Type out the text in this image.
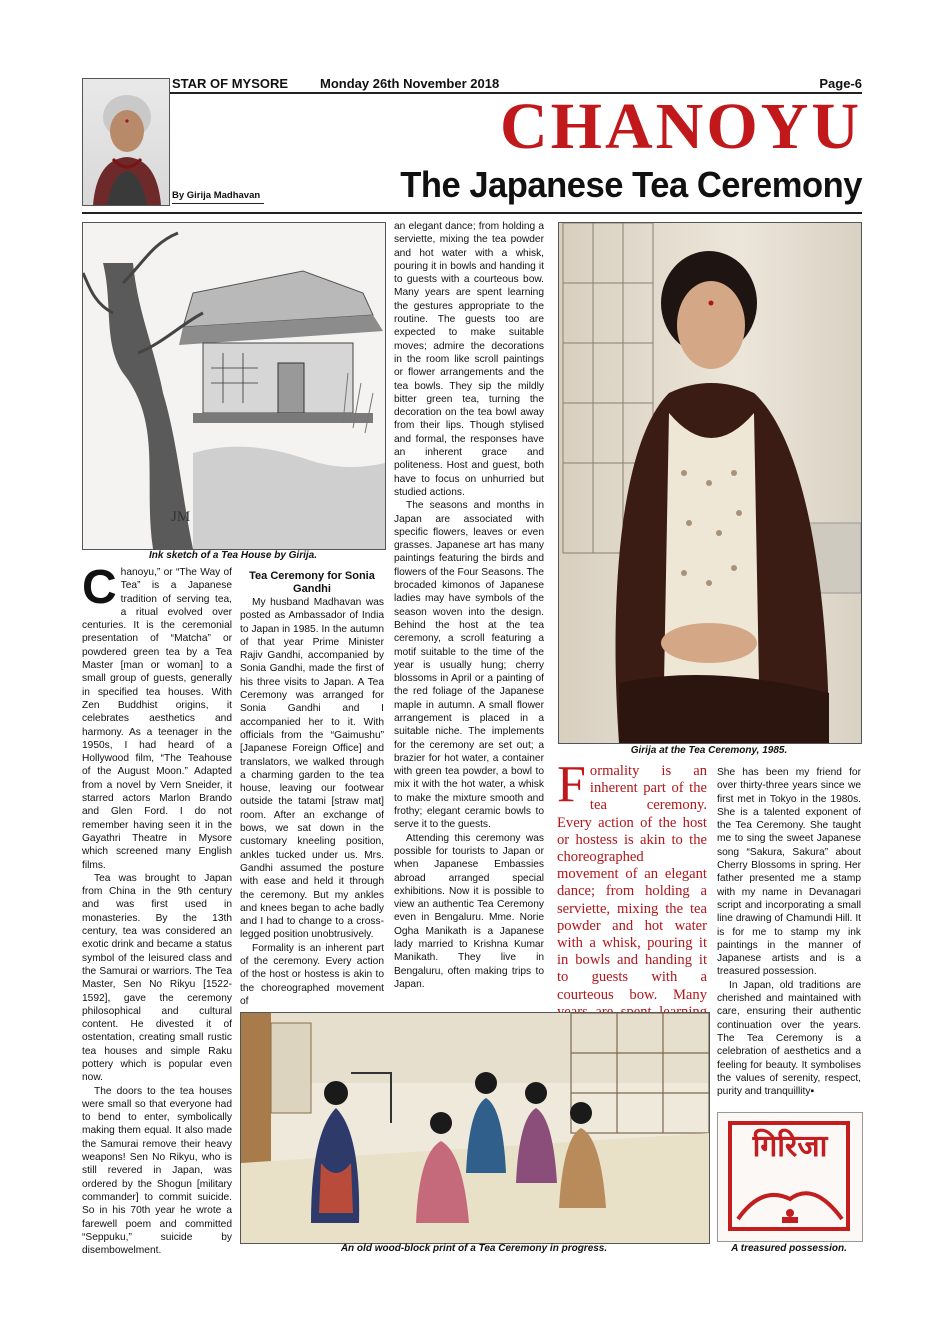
STAR OF MYSORE Monday 26th November 2018	Page-6
By Girija Madhavan
CHANOYU
The Japanese Tea Ceremony
JM
Ink sketch of a Tea House by Girija.

Chanoyu,” or “The Way of Tea” is a Japanese tradition of serving tea, a ritual evolved over centuries. It is the ceremonial presentation of “Matcha” or powdered green tea by a Tea Master [man or woman] to a small group of guests, generally in specified tea houses. With Zen Buddhist origins, it celebrates aesthetics and harmony. As a teenager in the 1950s, I had heard of a Hollywood film, “The Teahouse of the August Moon.” Adapted from a novel by Vern Sneider, it starred actors Marlon Brando and Glen Ford. I do not remember having seen it in the Gayathri Theatre in Mysore which screened many English films.

Tea was brought to Japan from China in the 9th century and was first used in monasteries. By the 13th century, tea was considered an exotic drink and became a status symbol of the leisured class and the Samurai or warriors. The Tea Master, Sen No Rikyu [1522-1592], gave the ceremony philosophical and cultural content. He divested it of ostentation, creating small rustic tea houses and simple Raku pottery which is popular even now.

The doors to the tea houses were small so that everyone had to bend to enter, symbolically making them equal. It also made the Samurai remove their heavy weapons! Sen No Rikyu, who is still revered in Japan, was ordered by the Shogun [military commander] to commit suicide. So in his 70th year he wrote a farewell poem and committed “Seppuku,” suicide by disembowelment.

Tea Ceremony for Sonia Gandhi

My husband Madhavan was posted as Ambassador of India to Japan in 1985. In the autumn of that year Prime Minister Rajiv Gandhi, accompanied by Sonia Gandhi, made the first of his three visits to Japan. A Tea Ceremony was arranged for Sonia Gandhi and I accompanied her to it. With officials from the “Gaimushu” [Japanese Foreign Office] and translators, we walked through a charming garden to the tea house, leaving our footwear outside the tatami [straw mat] room. After an exchange of bows, we sat down in the customary kneeling position, ankles tucked under us. Mrs. Gandhi assumed the posture with ease and held it through the ceremony. But my ankles and knees began to ache badly and I had to change to a cross-legged position unobtrusively.

Formality is an inherent part of the ceremony. Every action of the host or hostess is akin to the choreographed movement of

an elegant dance; from holding a serviette, mixing the tea powder and hot water with a whisk, pouring it in bowls and handing it to guests with a courteous bow. Many years are spent learning the gestures appropriate to the routine. The guests too are expected to make suitable moves; admire the decorations in the room like scroll paintings or flower arrangements and the tea bowls. They sip the mildly bitter green tea, turning the decoration on the tea bowl away from their lips. Though stylised and formal, the responses have an inherent grace and politeness. Host and guest, both have to focus on unhurried but studied actions.

The seasons and months in Japan are associated with specific flowers, leaves or even grasses. Japanese art has many paintings featuring the birds and flowers of the Four Seasons. The brocaded kimonos of Japanese ladies may have symbols of the season woven into the design. Behind the host at the tea ceremony, a scroll featuring a motif suitable to the time of the year is usually hung; cherry blossoms in April or a painting of the red foliage of the Japanese maple in autumn. A small flower arrangement is placed in a suitable niche. The implements for the ceremony are set out; a brazier for hot water, a container with green tea powder, a bowl to mix it with the hot water, a whisk to make the mixture smooth and frothy; elegant ceramic bowls to serve it to the guests.

Attending this ceremony was possible for tourists to Japan or when Japanese Embassies abroad arranged special exhibitions. Now it is possible to view an authentic Tea Ceremony even in Bengaluru. Mme. Norie Ogha Manikath is a Japanese lady married to Krishna Kumar Manikath. They live in Bengaluru, often making trips to Japan.

Girija at the Tea Ceremony, 1985.
Formality is an inherent part of the tea ceremony. Every action of the host or hostess is akin to the choreographed movement of an elegant dance; from holding a serviette, mixing the tea powder and hot water with a whisk, pouring it in bowls and handing it to guests with a courteous bow. Many

She has been my friend for over thirty-three years since we first met in Tokyo in the 1980s. She is a talented exponent of the Tea Ceremony. She taught me to sing the sweet Japanese song “Sakura, Sakura” about Cherry Blossoms in spring. Her father presented me a stamp with my name in Devanagari script and incorporating a small line drawing of Chamundi Hill. It is for me to stamp my ink paintings in the manner of Japanese artists and is a treasured possession.

In Japan, old traditions are cherished and maintained with care, ensuring their authentic continuation over the years. The Tea Ceremony is a celebration of aesthetics and a feeling for beauty. It symbolises the values of serenity, respect, purity and tranquillity▪

An old wood-block print of a Tea Ceremony in progress.
गिरिजा
A treasured possession.
